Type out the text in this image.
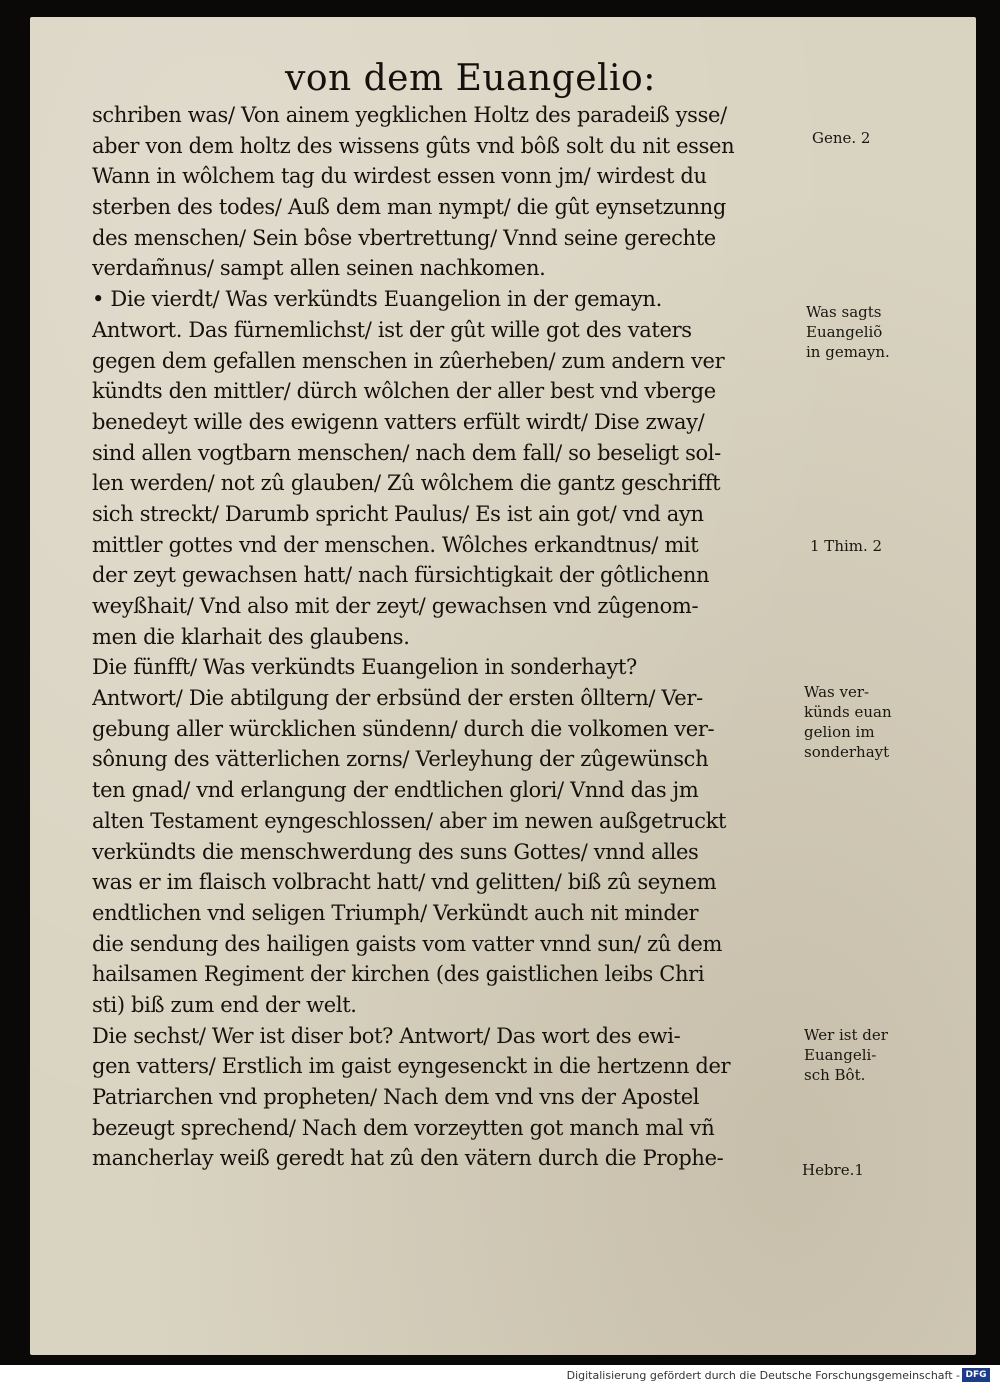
von dem Euangelio:
schriben was/ Von ainem yegklichen Holtz des paradeiß ysse/
aber von dem holtz des wissens gûts vnd bôß solt du nit essen
Wann in wôlchem tag du wirdest essen vonn jm/ wirdest du
sterben des todes/ Auß dem man nympt/ die gût eynsetzunng
des menschen/ Sein bôse vbertrettung/ Vnnd seine gerechte
verdam̃nus/ sampt allen seinen nachkomen.
• Die vierdt/ Was verkündts Euangelion in der gemayn.
Antwort. Das fürnemlichst/ ist der gût wille got des vaters
gegen dem gefallen menschen in zûerheben/ zum andern ver
kündts den mittler/ dürch wôlchen der aller best vnd vberge
benedeyt wille des ewigenn vatters erfült wirdt/ Dise zway/
sind allen vogtbarn menschen/ nach dem fall/ so beseligt sol-
len werden/ not zû glauben/ Zû wôlchem die gantz geschrifft
sich streckt/ Darumb spricht Paulus/ Es ist ain got/ vnd ayn
mittler gottes vnd der menschen. Wôlches erkandtnus/ mit
der zeyt gewachsen hatt/ nach fürsichtigkait der gôtlichenn
weyßhait/ Vnd also mit der zeyt/ gewachsen vnd zûgenom-
men die klarhait des glaubens.
Die fünfft/ Was verkündts Euangelion in sonderhayt?
Antwort/ Die abtilgung der erbsünd der ersten ôlltern/ Ver-
gebung aller würcklichen sündenn/ durch die volkomen ver-
sônung des vätterlichen zorns/ Verleyhung der zûgewünsch
ten gnad/ vnd erlangung der endtlichen glori/ Vnnd das jm
alten Testament eyngeschlossen/ aber im newen außgetruckt
verkündts die menschwerdung des suns Gottes/ vnnd alles
was er im flaisch volbracht hatt/ vnd gelitten/ biß zû seynem
endtlichen vnd seligen Triumph/ Verkündt auch nit minder
die sendung des hailigen gaists vom vatter vnnd sun/ zû dem
hailsamen Regiment der kirchen (des gaistlichen leibs Chri
sti) biß zum end der welt.
Die sechst/ Wer ist diser bot? Antwort/ Das wort des ewi-
gen vatters/ Erstlich im gaist eyngesenckt in die hertzenn der
Patriarchen vnd propheten/ Nach dem vnd vns der Apostel
bezeugt sprechend/ Nach dem vorzeytten got manch mal vñ
mancherlay weiß geredt hat zû den vätern durch die Prophe-
Gene. 2
Was sagts
Euangeliõ
in gemayn.
1 Thim. 2
Was ver-
künds euan
gelion im
sonderhayt
Wer ist der
Euangeli-
sch Bôt.
Hebre.1
Digitalisierung gefördert durch die Deutsche Forschungsgemeinschaft - DFG
